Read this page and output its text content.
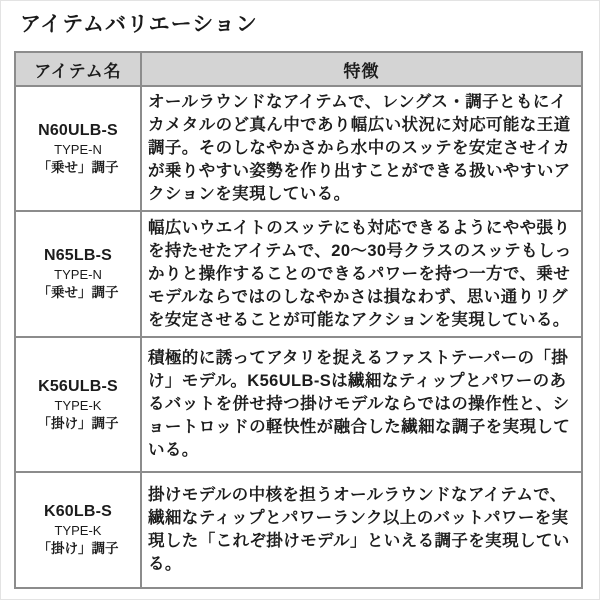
アイテムバリエーション
アイテム名	特徴

N60ULB-S
TYPE-N
「乗せ」調子	オールラウンドなアイテムで、レングス・調子ともにイカメタルのど真ん中であり幅広い状況に対応可能な王道調子。そのしなやかさから水中のスッテを安定させイカが乗りやすい姿勢を作り出すことができる扱いやすいアクションを実現している。

N65LB-S
TYPE-N
「乗せ」調子	幅広いウエイトのスッテにも対応できるようにやや張りを持たせたアイテムで、20〜30号クラスのスッテもしっかりと操作することのできるパワーを持つ一方で、乗せモデルならではのしなやかさは損なわず、思い通りリグを安定させることが可能なアクションを実現している。

K56ULB-S
TYPE-K
「掛け」調子	積極的に誘ってアタリを捉えるファストテーパーの「掛け」モデル。K56ULB-Sは繊細なティップとパワーのあるバットを併せ持つ掛けモデルならではの操作性と、ショートロッドの軽快性が融合した繊細な調子を実現している。

K60LB-S
TYPE-K
「掛け」調子	掛けモデルの中核を担うオールラウンドなアイテムで、繊細なティップとパワーランク以上のバットパワーを実現した「これぞ掛けモデル」といえる調子を実現している。
